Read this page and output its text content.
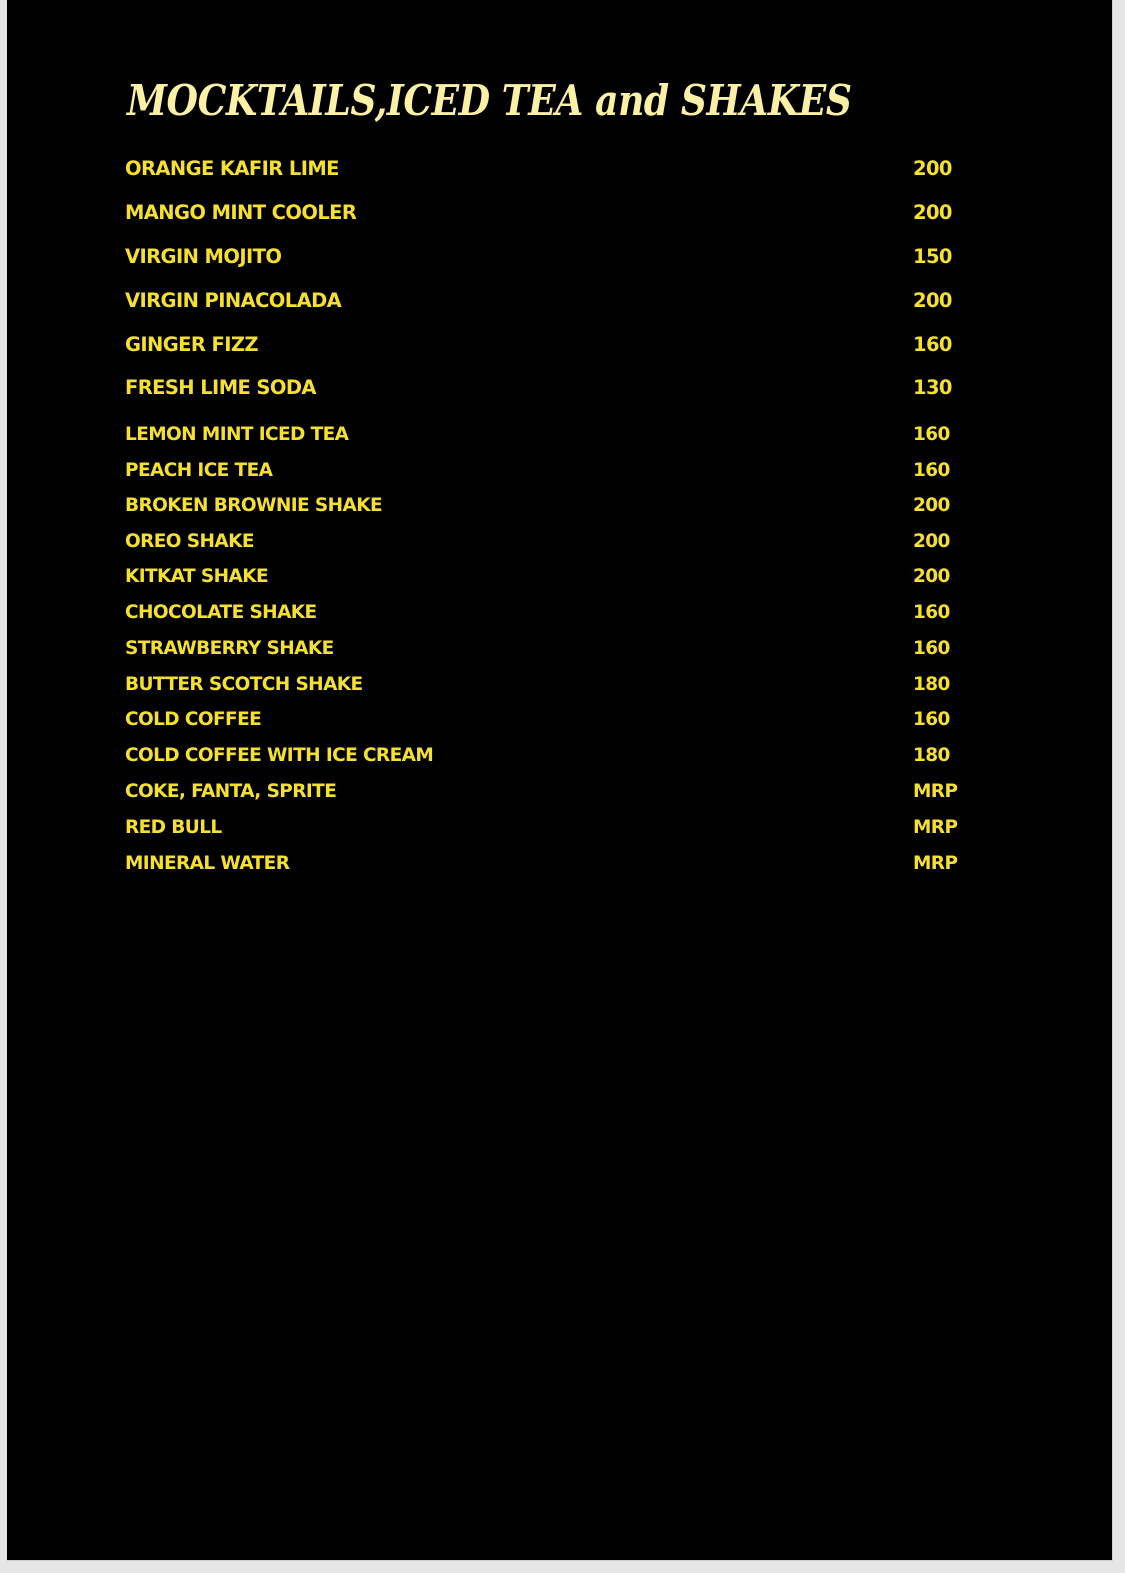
MOCKTAILS,ICED TEA and SHAKES
ORANGE KAFIR LIME	200
MANGO MINT COOLER	200
VIRGIN MOJITO	150
VIRGIN PINACOLADA	200
GINGER FIZZ	160
FRESH LIME SODA	130
LEMON MINT ICED TEA	160
PEACH ICE TEA	160
BROKEN BROWNIE SHAKE	200
OREO SHAKE	200
KITKAT SHAKE	200
CHOCOLATE SHAKE	160
STRAWBERRY SHAKE	160
BUTTER SCOTCH SHAKE	180
COLD COFFEE	160
COLD COFFEE WITH ICE CREAM	180
COKE, FANTA, SPRITE	MRP
RED BULL	MRP
MINERAL WATER	MRP
